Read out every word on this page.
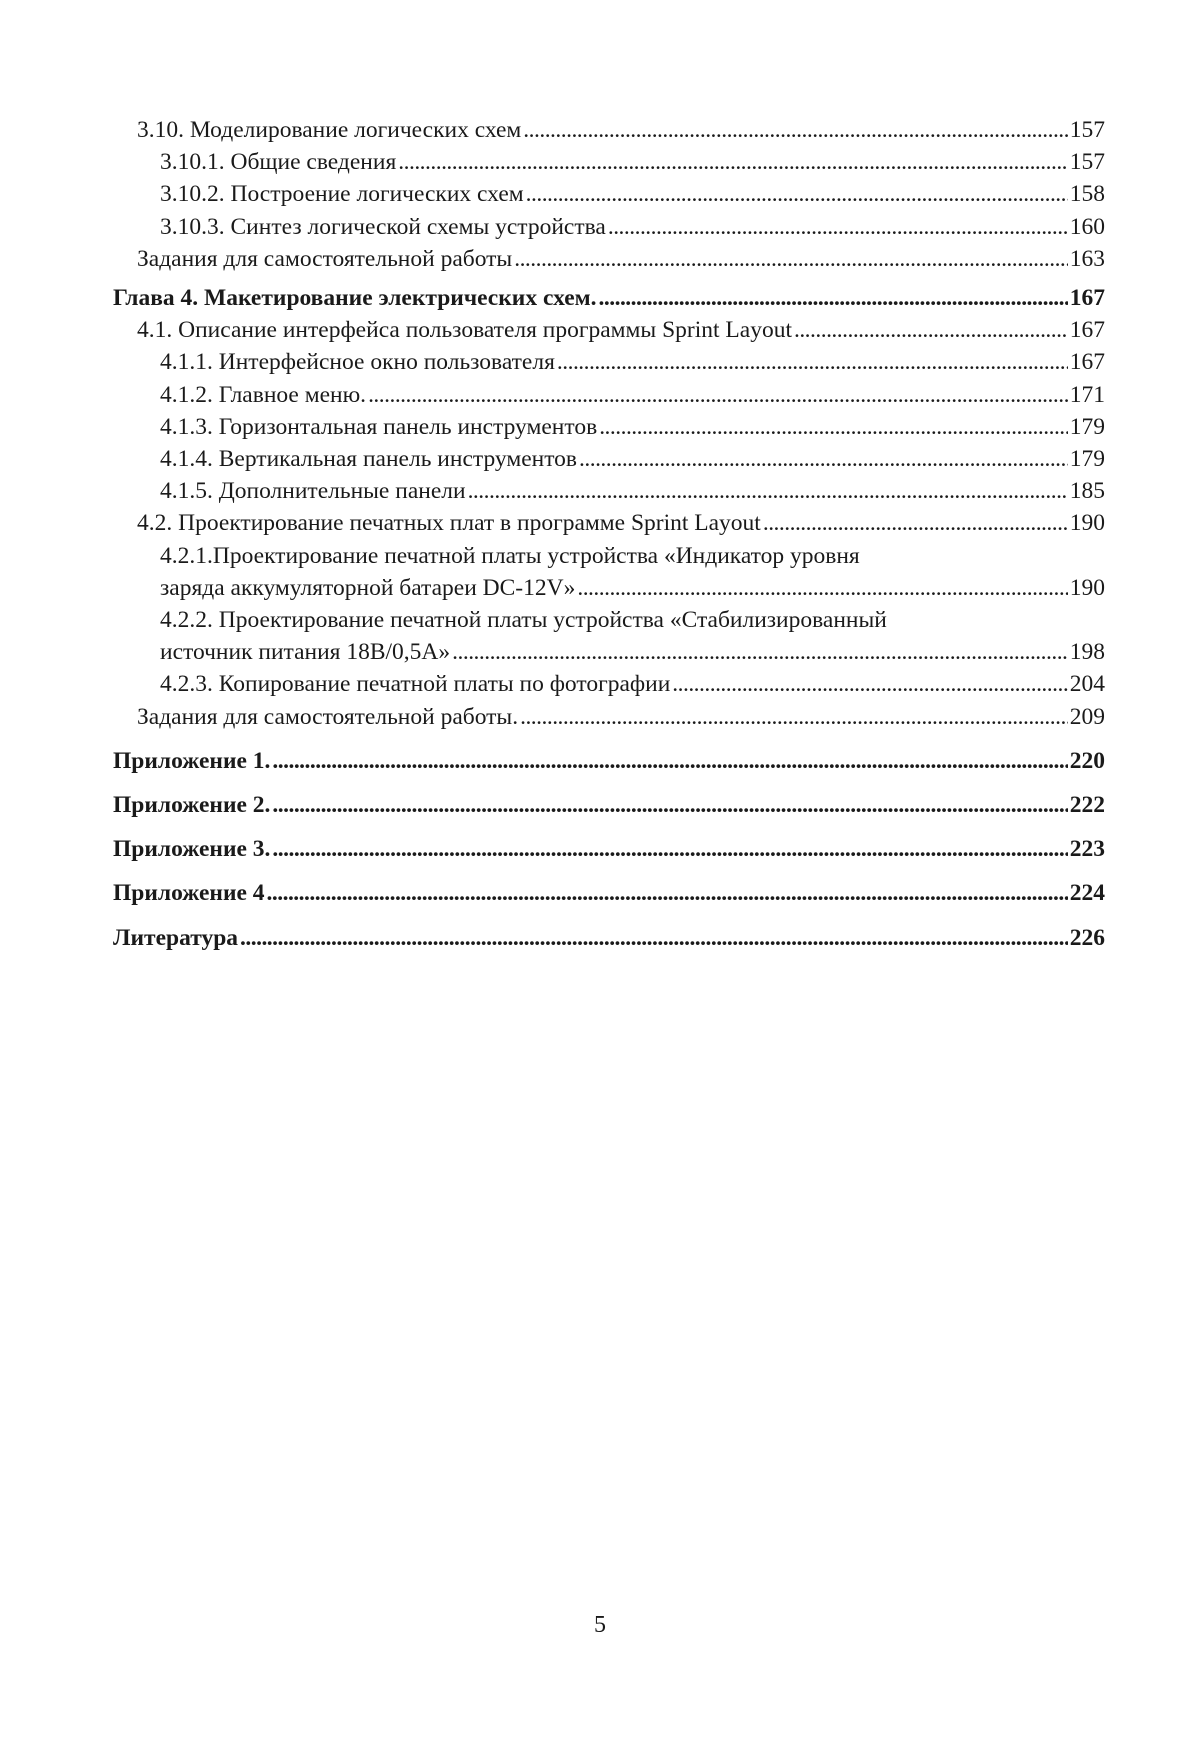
3.10. Моделирование логических схем . . .	157
3.10.1. Общие сведения . . .	157
3.10.2. Построение логических схем . . .	158
3.10.3. Синтез логической схемы устройства . . .	160
Задания для самостоятельной работы . . .	163
Глава 4. Макетирование электрических схем. . . .	167
4.1. Описание интерфейса пользователя программы Sprint Layout . . .	167
4.1.1. Интерфейсное окно пользователя . . .	167
4.1.2. Главное меню. . . .	171
4.1.3. Горизонтальная панель инструментов . . .	179
4.1.4. Вертикальная панель инструментов . . .	179
4.1.5. Дополнительные панели . . .	185
4.2. Проектирование печатных плат в программе Sprint Layout . . .	190
4.2.1.Проектирование печатной платы устройства «Индикатор уровня
заряда аккумуляторной батареи DC-12V» . . .	190
4.2.2. Проектирование печатной платы устройства «Стабилизированный
источник питания 18В/0,5А» . . .	198
4.2.3. Копирование печатной платы по фотографии . . .	204
Задания для самостоятельной работы. . . .	209
Приложение 1. . . .	220
Приложение 2. . . .	222
Приложение 3. . . .	223
Приложение 4 . . .	224
Литература . . .	226
5
